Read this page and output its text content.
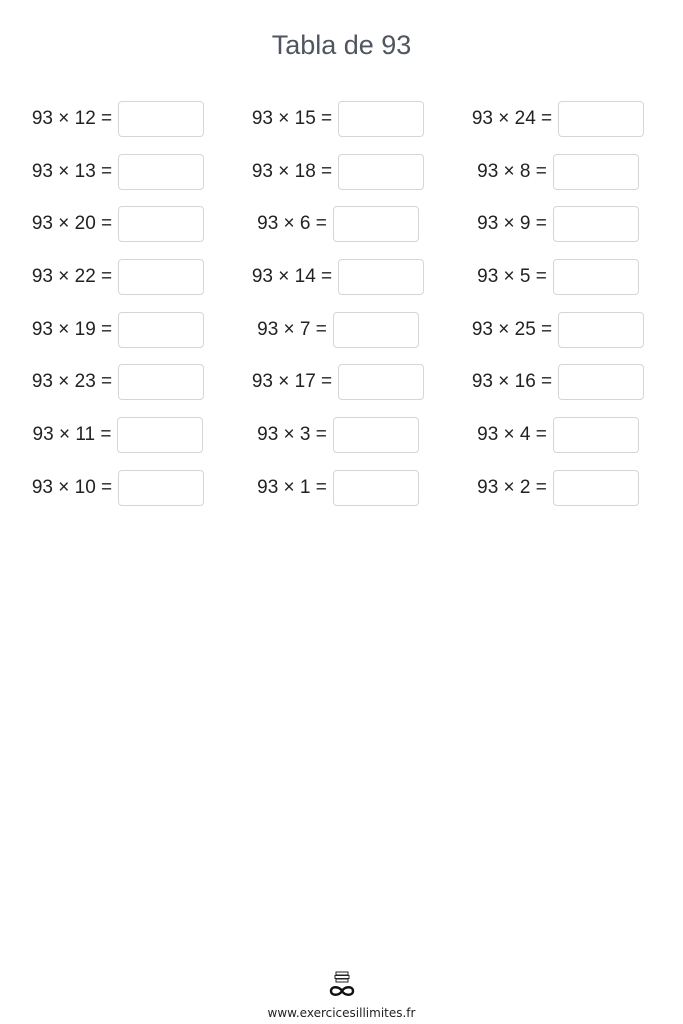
Tabla de 93
93 × 12 =
93 × 13 =
93 × 20 =
93 × 22 =
93 × 19 =
93 × 23 =
93 × 11 =
93 × 10 =
93 × 15 =
93 × 18 =
93 × 6 =
93 × 14 =
93 × 7 =
93 × 17 =
93 × 3 =
93 × 1 =
93 × 24 =
93 × 8 =
93 × 9 =
93 × 5 =
93 × 25 =
93 × 16 =
93 × 4 =
93 × 2 =
www.exercicesillimites.fr
